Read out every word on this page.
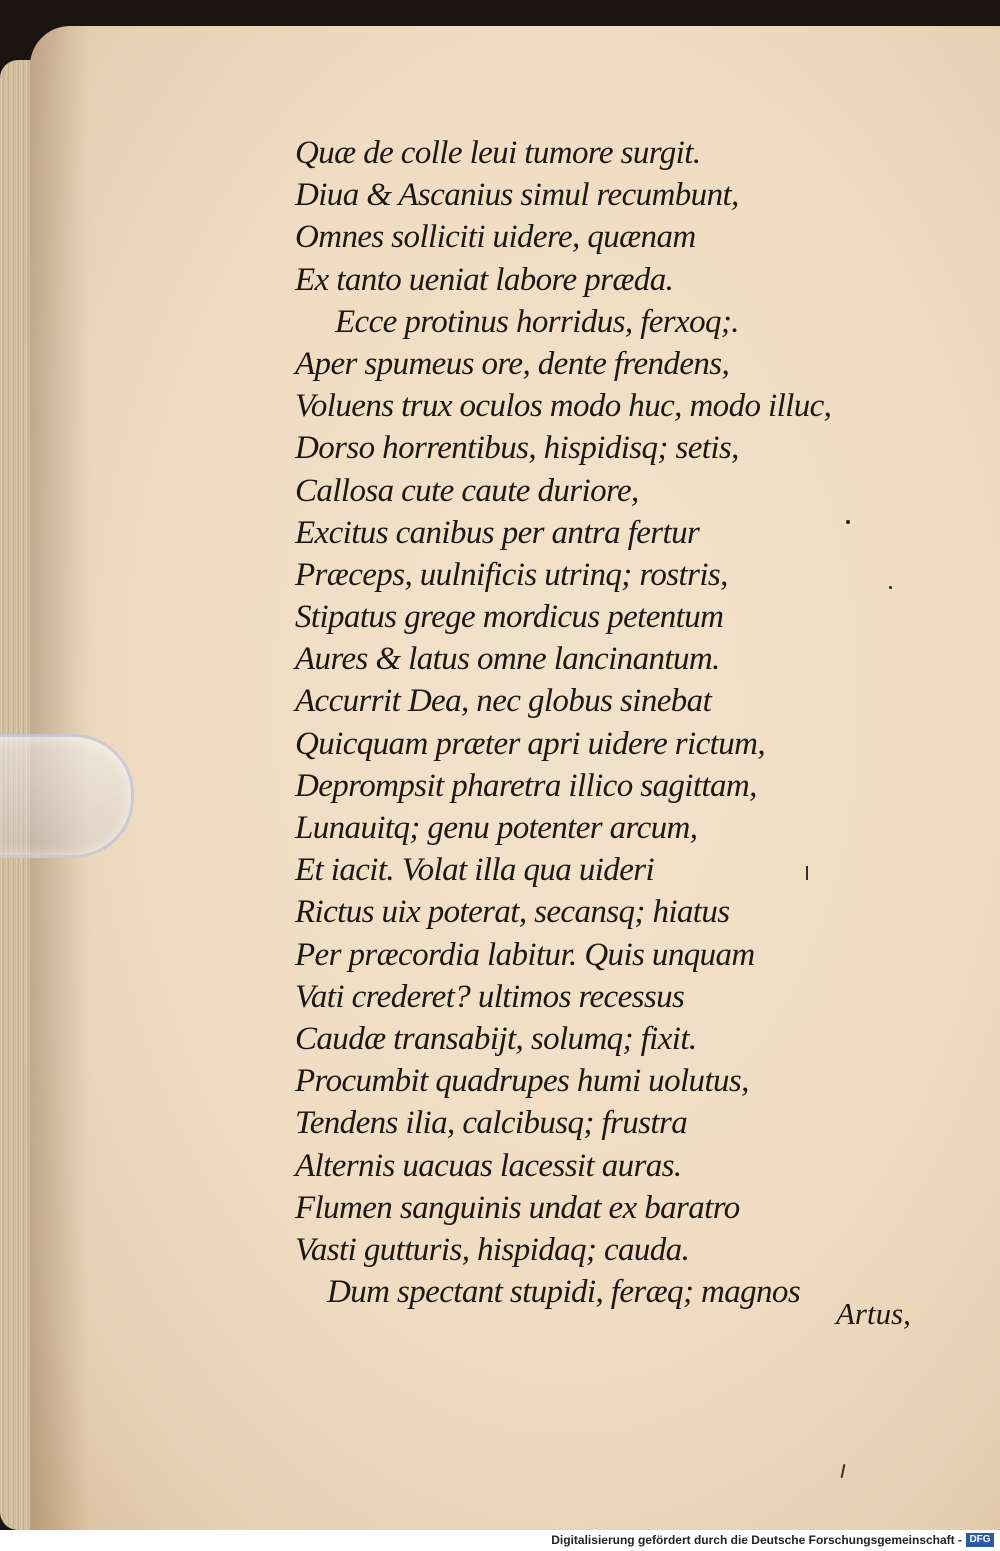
Quæ de colle leui tumore surgit.
Diua & Ascanius simul recumbunt,
Omnes solliciti uidere, quænam
Ex tanto ueniat labore præda.
Ecce protinus horridus, ferxoq;.
Aper spumeus ore, dente frendens,
Voluens trux oculos modo huc, modo illuc,
Dorso horrentibus, hispidisq; setis,
Callosa cute caute duriore,
Excitus canibus per antra fertur
Præceps, uulnificis utrinq; rostris,
Stipatus grege mordicus petentum
Aures & latus omne lancinantum.
Accurrit Dea, nec globus sinebat
Quicquam præter apri uidere rictum,
Deprompsit pharetra illico sagittam,
Lunauitq; genu potenter arcum,
Et iacit. Volat illa qua uideri
Rictus uix poterat, secansq; hiatus
Per præcordia labitur. Quis unquam
Vati crederet? ultimos recessus
Caudæ transabijt, solumq; fixit.
Procumbit quadrupes humi uolutus,
Tendens ilia, calcibusq; frustra
Alternis uacuas lacessit auras.
Flumen sanguinis undat ex baratro
Vasti gutturis, hispidaq; cauda.
Dum spectant stupidi, feræq; magnos
Artus,
Digitalisierung gefördert durch die Deutsche Forschungsgemeinschaft - DFG
